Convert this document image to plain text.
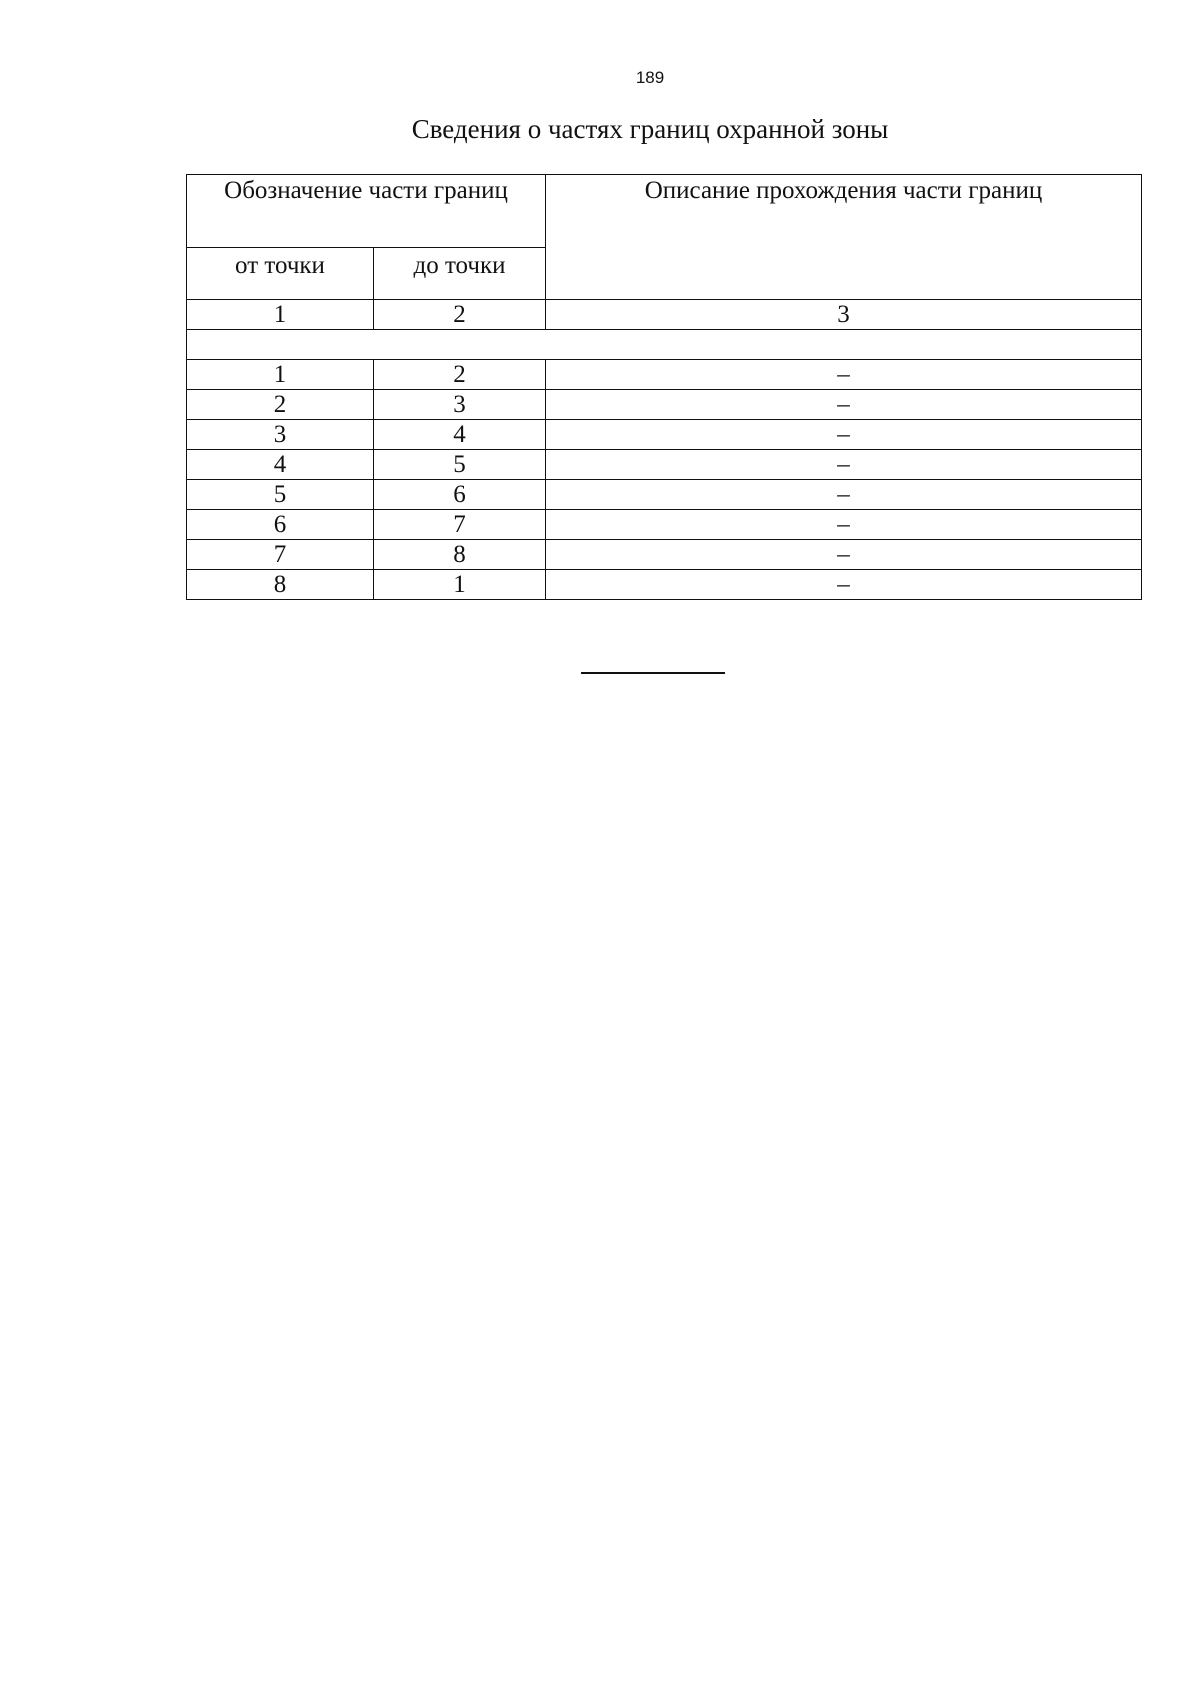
189
Сведения о частях границ охранной зоны
Обозначение части границ		Описание прохождения части границ
от точки	до точки	
1	2	3

1	2	–
2	3	–
3	4	–
4	5	–
5	6	–
6	7	–
7	8	–
8	1	–
